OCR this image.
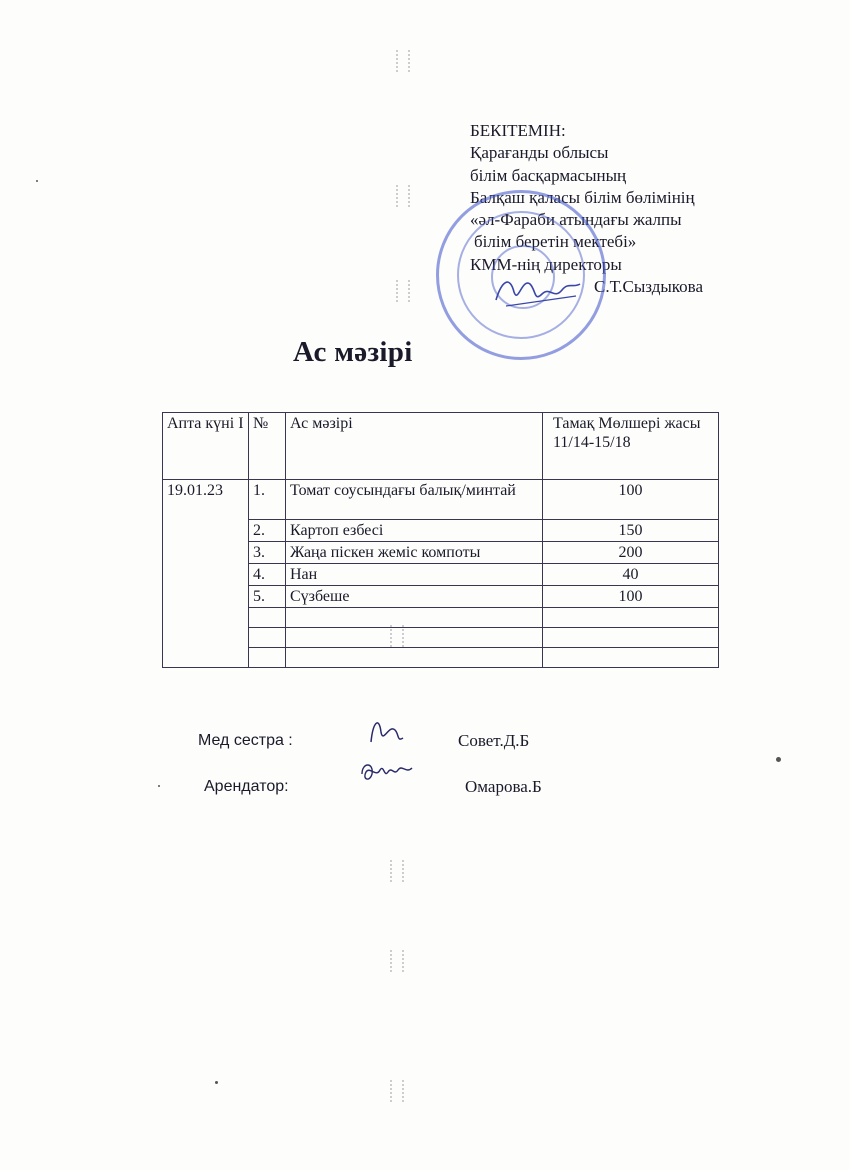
БЕКІТЕМІН:
Қарағанды облысы
білім басқармасының
Балқаш қаласы білім бөлімінің
«әл-Фараби атындағы жалпы
білім беретін мектебі»
КММ-нің директоры
С.Т.Сыздыкова
Ас мәзірі
Апта күні I	№	Ас мәзірі	Тамақ Мөлшері жасы 11/14-15/18
19.01.23	1.	Томат соусындағы балық/минтай	100
	2.	Картоп езбесі	150
	3.	Жаңа піскен жеміс компоты	200
	4.	Нан	40
	5.	Сүзбеше	100

Мед сестра :	Совет.Д.Б
Арендатор:	Омарова.Б
